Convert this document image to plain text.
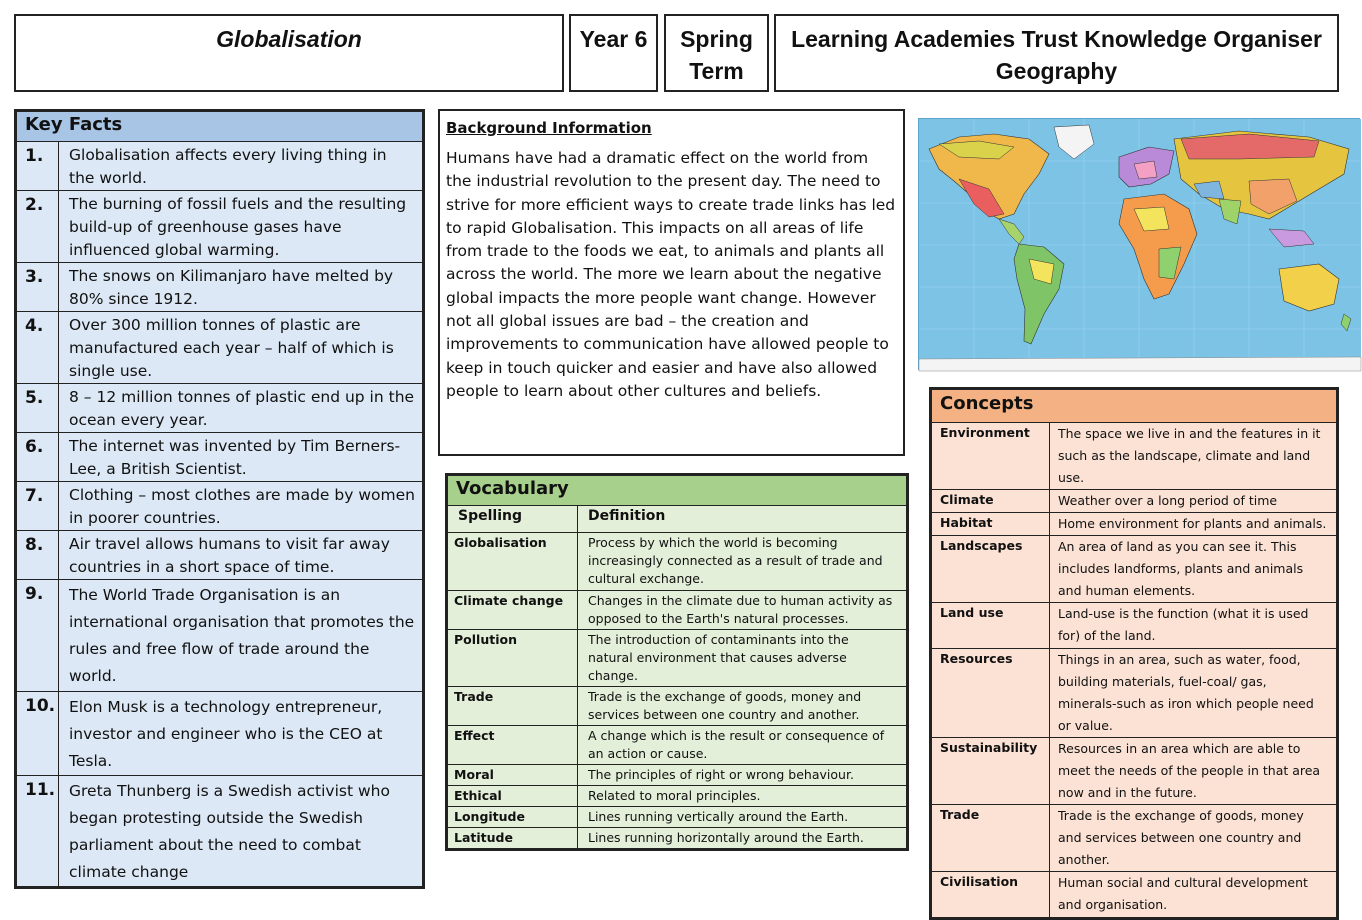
Globalisation	Year 6	Spring
Term
Learning Academies Trust Knowledge Organiser
Geography
Key Facts	
1.	Globalisation affects every living thing in the world.
2.	The burning of fossil fuels and the resulting build-up of greenhouse gases have influenced global warming.
3.	The snows on Kilimanjaro have melted by 80% since 1912.
4.	Over 300 million tonnes of plastic are manufactured each year – half of which is single use.
5.	8 – 12 million tonnes of plastic end up in the ocean every year.
6.	The internet was invented by Tim Berners-Lee, a British Scientist.
7.	Clothing – most clothes are made by women in poorer countries.
8.	Air travel allows humans to visit far away countries in a short space of time.
9.	The World Trade Organisation is an international organisation that promotes the rules and free flow of trade around the world.
10.	Elon Musk is a technology entrepreneur, investor and engineer who is the CEO at Tesla.
11.	Greta Thunberg is a Swedish activist who began protesting outside the Swedish parliament about the need to combat climate change
Background Information
Humans have had a dramatic effect on the world from the industrial revolution to the present day. The need to strive for more efficient ways to create trade links has led to rapid Globalisation. This impacts on all areas of life from trade to the foods we eat, to animals and plants all across the world. The more we learn about the negative global impacts the more people want change. However not all global issues are bad – the creation and improvements to communication have allowed people to keep in touch quicker and easier and have also allowed people to learn about other cultures and beliefs.
Vocabulary	
Spelling	Definition
Globalisation	Process by which the world is becoming increasingly connected as a result of trade and cultural exchange.
Climate change	Changes in the climate due to human activity as opposed to the Earth's natural processes.
Pollution	The introduction of contaminants into the natural environment that causes adverse change.
Trade	Trade is the exchange of goods, money and services between one country and another.
Effect	A change which is the result or consequence of an action or cause.
Moral	The principles of right or wrong behaviour.
Ethical	Related to moral principles.
Longitude	Lines running vertically around the Earth.
Latitude	Lines running horizontally around the Earth.
Concepts	
Environment	The space we live in and the features in it such as the landscape, climate and land use.
Climate	Weather over a long period of time
Habitat	Home environment for plants and animals.
Landscapes	An area of land as you can see it. This includes landforms, plants and animals and human elements.
Land use	Land-use is the function (what it is used for) of the land.
Resources	Things in an area, such as water, food, building materials, fuel-coal/ gas, minerals-such as iron which people need or value.
Sustainability	Resources in an area which are able to meet the needs of the people in that area now and in the future.
Trade	Trade is the exchange of goods, money and services between one country and another.
Civilisation	Human social and cultural development and organisation.
